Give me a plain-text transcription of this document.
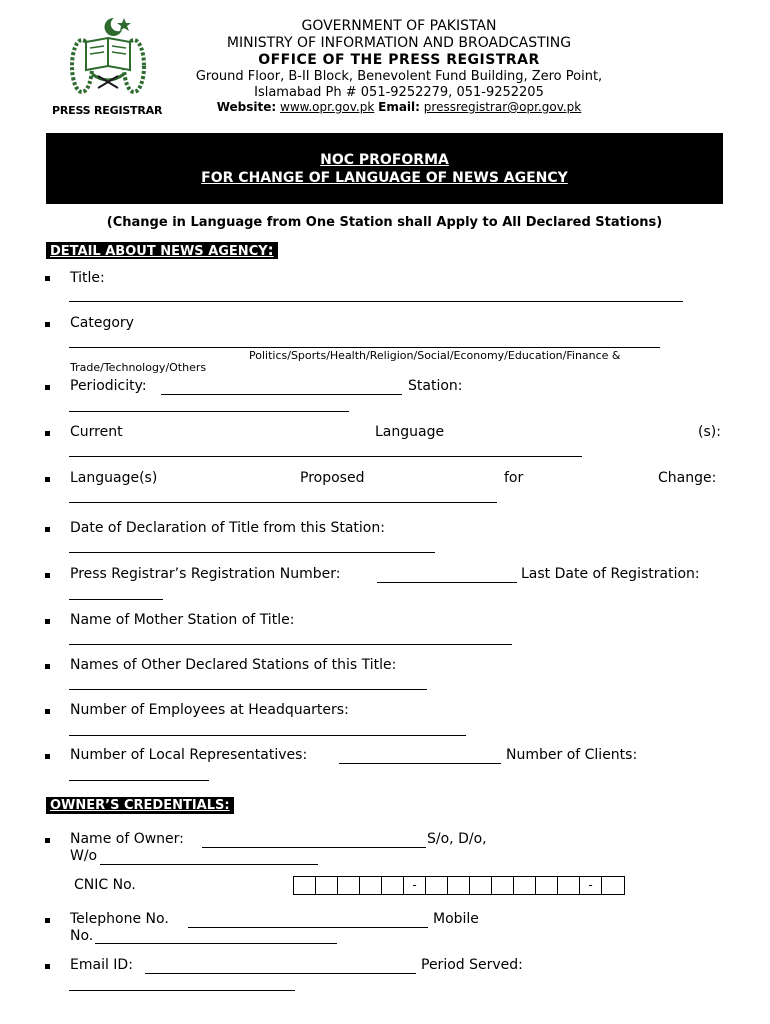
PRESS REGISTRAR
GOVERNMENT OF PAKISTAN
MINISTRY OF INFORMATION AND BROADCASTING
OFFICE OF THE PRESS REGISTRAR
Ground Floor, B-II Block, Benevolent Fund Building, Zero Point,
Islamabad Ph # 051-9252279, 051-9252205
Website: www.opr.gov.pk Email: pressregistrar@opr.gov.pk
NOC PROFORMA
FOR CHANGE OF LANGUAGE OF NEWS AGENCY
(Change in Language from One Station shall Apply to All Declared Stations)
DETAIL ABOUT NEWS AGENCY:
Title:
Category
Politics/Sports/Health/Religion/Social/Economy/Education/Finance &
Trade/Technology/Others
Periodicity:	Station:
Current	Language	(s):
Language(s)	Proposed	for	Change:
Date of Declaration of Title from this Station:
Press Registrar’s Registration Number:	Last Date of Registration:
Name of Mother Station of Title:
Names of Other Declared Stations of this Title:
Number of Employees at Headquarters:
Number of Local Representatives:	Number of Clients:
OWNER’S CREDENTIALS:
Name of Owner:	S/o, D/o,
W/o
CNIC No.	-	-
Telephone No.	Mobile
No.
Email ID:	Period Served:
